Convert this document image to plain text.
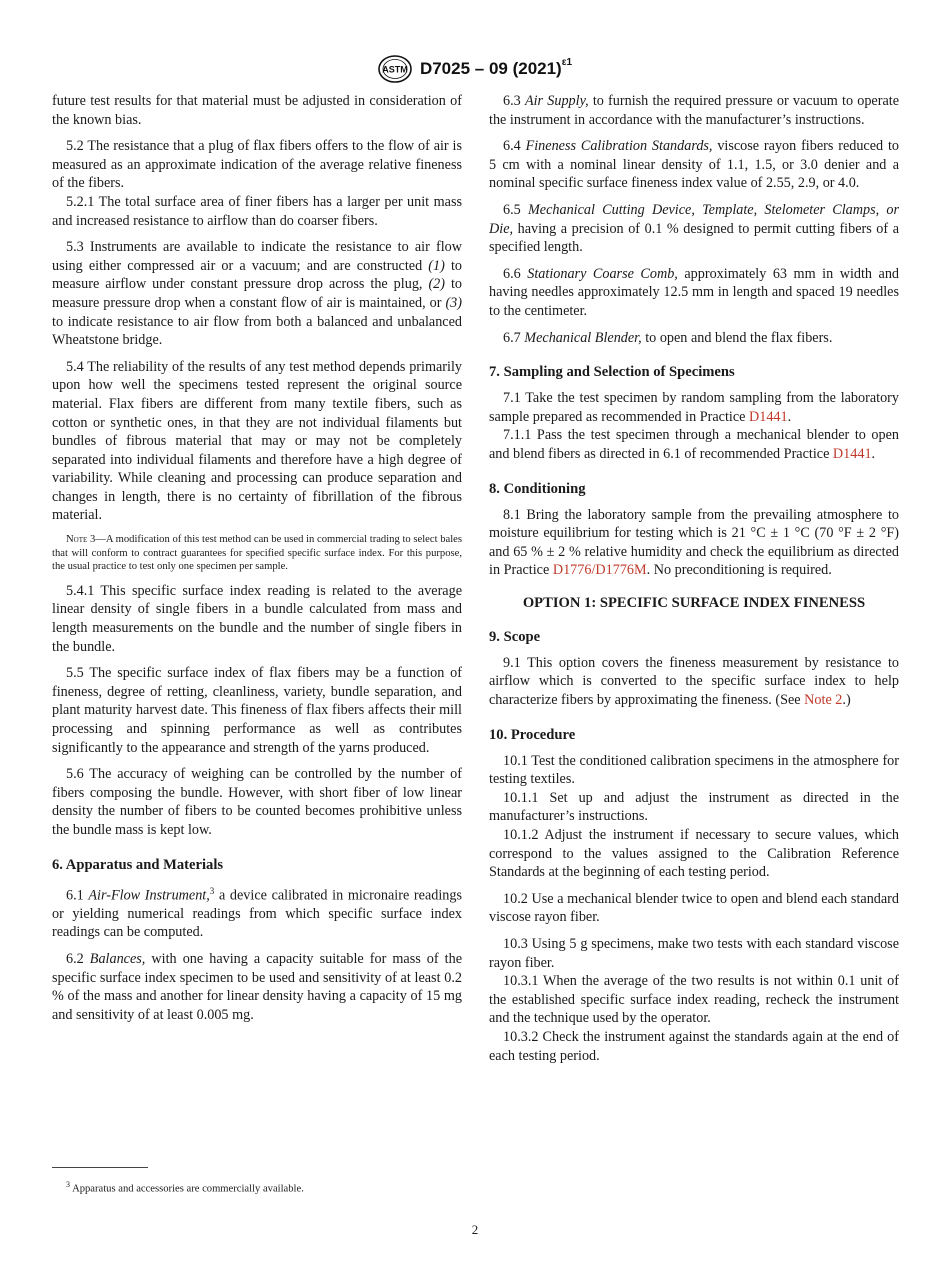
ASTM D7025 – 09 $(2021)^{\varepsilon 1}$

future test results for that material must be adjusted in consideration of the known bias.

5.2 The resistance that a plug of flax fibers offers to the flow of air is measured as an approximate indication of the average relative fineness of the fibers.

5.2.1 The total surface area of finer fibers has a larger per unit mass and increased resistance to airflow than do coarser fibers.

5.3 Instruments are available to indicate the resistance to air flow using either compressed air or a vacuum; and are constructed (1) to measure airflow under constant pressure drop across the plug, (2) to measure pressure drop when a constant flow of air is maintained, or (3) to indicate resistance to air flow from both a balanced and unbalanced Wheatstone bridge.

5.4 The reliability of the results of any test method depends primarily upon how well the specimens tested represent the original source material. Flax fibers are different from many textile fibers, such as cotton or synthetic ones, in that they are not individual filaments but bundles of fibrous material that may or may not be completely separated into individual filaments and therefore have a high degree of variability. While cleaning and processing can produce separation and changes in length, there is no certainty of fibrillation of the fibrous material.

Note 3—A modification of this test method can be used in commercial trading to select bales that will conform to contract guarantees for specified specific surface index. For this purpose, the usual practice to test only one specimen per sample.

5.4.1 This specific surface index reading is related to the average linear density of single fibers in a bundle calculated from mass and length measurements on the bundle and the number of single fibers in the bundle.

5.5 The specific surface index of flax fibers may be a function of fineness, degree of retting, cleanliness, variety, bundle separation, and plant maturity harvest date. This fineness of flax fibers affects their mill processing and spinning performance as well as contributes significantly to the appearance and strength of the yarns produced.

5.6 The accuracy of weighing can be controlled by the number of fibers composing the bundle. However, with short fiber of low linear density the number of fibers to be counted becomes prohibitive unless the bundle mass is kept low.

6. Apparatus and Materials

6.1 Air-Flow Instrument,$^3$ a device calibrated in micronaire readings or yielding numerical readings from which specific surface index readings can be computed.

6.2 Balances, with one having a capacity suitable for mass of the specific surface index specimen to be used and sensitivity of at least 0.2 % of the mass and another for linear density having a capacity of 15 mg and sensitivity of at least 0.005 mg.

6.3 Air Supply, to furnish the required pressure or vacuum to operate the instrument in accordance with the manufacturer’s instructions.

6.4 Fineness Calibration Standards, viscose rayon fibers reduced to 5 cm with a nominal linear density of 1.1, 1.5, or 3.0 denier and a nominal specific surface fineness index value of 2.55, 2.9, or 4.0.

6.5 Mechanical Cutting Device, Template, Stelometer Clamps, or Die, having a precision of 0.1 % designed to permit cutting fibers of a specified length.

6.6 Stationary Coarse Comb, approximately 63 mm in width and having needles approximately 12.5 mm in length and spaced 19 needles to the centimeter.

6.7 Mechanical Blender, to open and blend the flax fibers.

7. Sampling and Selection of Specimens

7.1 Take the test specimen by random sampling from the laboratory sample prepared as recommended in Practice D1441.

7.1.1 Pass the test specimen through a mechanical blender to open and blend fibers as directed in 6.1 of recommended Practice D1441.

8. Conditioning

8.1 Bring the laboratory sample from the prevailing atmosphere to moisture equilibrium for testing which is 21 °C ± 1 °C (70 °F ± 2 °F) and 65 % ± 2 % relative humidity and check the equilibrium as directed in Practice D1776/D1776M. No preconditioning is required.

OPTION 1: SPECIFIC SURFACE INDEX FINENESS
9. Scope

9.1 This option covers the fineness measurement by resistance to airflow which is converted to the specific surface index to help characterize fibers by approximating the fineness. (See Note 2.)

10. Procedure

10.1 Test the conditioned calibration specimens in the atmosphere for testing textiles.

10.1.1 Set up and adjust the instrument as directed in the manufacturer’s instructions.

10.1.2 Adjust the instrument if necessary to secure values, which correspond to the values assigned to the Calibration Reference Standards at the beginning of each testing period.

10.2 Use a mechanical blender twice to open and blend each standard viscose rayon fiber.

10.3 Using 5 g specimens, make two tests with each standard viscose rayon fiber.

10.3.1 When the average of the two results is not within 0.1 unit of the established specific surface index reading, recheck the instrument and the technique used by the operator.

10.3.2 Check the instrument against the standards again at the end of each testing period.

$^3$ Apparatus and accessories are commercially available.
2
